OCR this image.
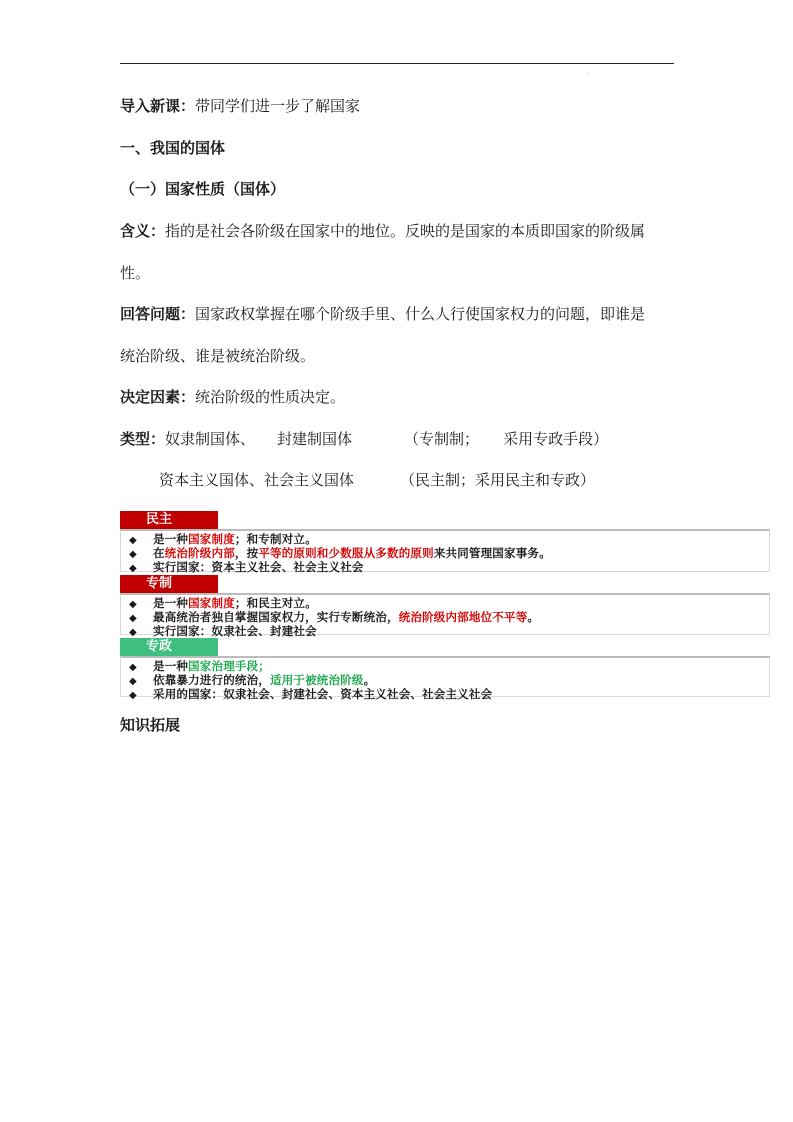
·
导入新课：带同学们进一步了解国家
一、我国的国体
（一）国家性质（国体）
含义：指的是社会各阶级在国家中的地位。反映的是国家的本质即国家的阶级属
性。
回答问题：国家政权掌握在哪个阶级手里、什么人行使国家权力的问题，即谁是
统治阶级、谁是被统治阶级。
决定因素：统治阶级的性质决定。
类型：奴隶制国体、 封建制国体	（专制制； 采用专政手段）
资本主义国体、社会主义国体	（民主制；采用民主和专政）
民主
◆ 是一种国家制度；和专制对立。
◆ 在统治阶级内部，按平等的原则和少数服从多数的原则来共同管理国家事务。
◆ 实行国家：资本主义社会、社会主义社会
专制
◆ 是一种国家制度；和民主对立。
◆ 最高统治者独自掌握国家权力，实行专断统治，统治阶级内部地位不平等。
◆ 实行国家：奴隶社会、封建社会
专政
◆ 是一种国家治理手段；
◆ 依靠暴力进行的统治，适用于被统治阶级。
◆ 采用的国家：奴隶社会、封建社会、资本主义社会、社会主义社会
知识拓展
